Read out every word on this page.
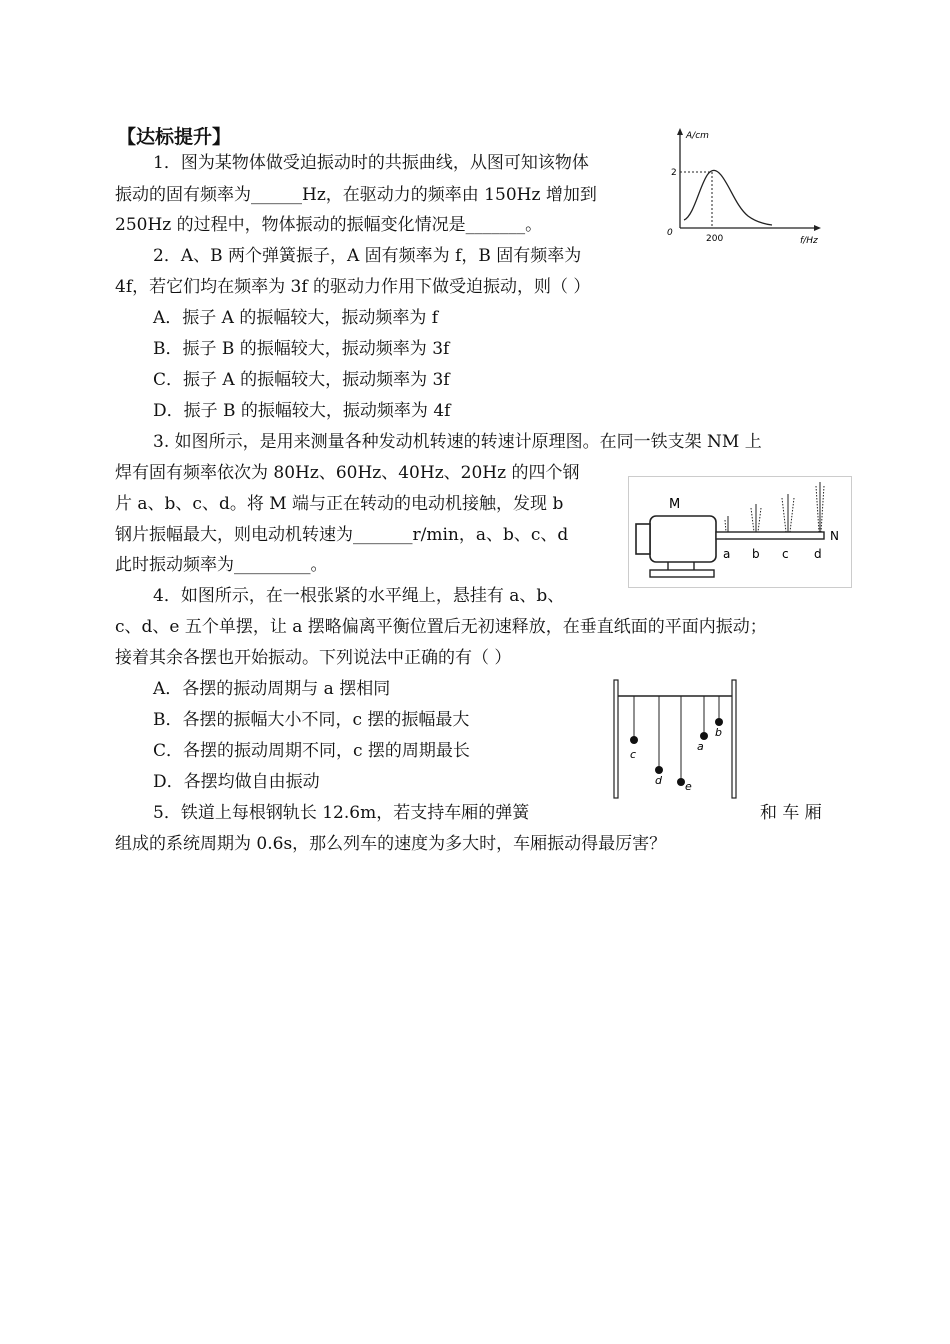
【达标提升】
1．图为某物体做受迫振动时的共振曲线，从图可知该物体
振动的固有频率为______Hz，在驱动力的频率由 150Hz 增加到
250Hz 的过程中，物体振动的振幅变化情况是_______。
2．A、B 两个弹簧振子，A 固有频率为 f，B 固有频率为
4f，若它们均在频率为 3f 的驱动力作用下做受迫振动，则（ ）
A．振子 A 的振幅较大，振动频率为 f
B．振子 B 的振幅较大，振动频率为 3f
C．振子 A 的振幅较大，振动频率为 3f
D．振子 B 的振幅较大，振动频率为 4f
3. 如图所示，是用来测量各种发动机转速的转速计原理图。在同一铁支架 NM 上
焊有固有频率依次为 80Hz、60Hz、40Hz、20Hz 的四个钢
片 a、b、c、d。将 M 端与正在转动的电动机接触，发现 b
钢片振幅最大，则电动机转速为_______r/min，a、b、c、d
此时振动频率为_________。
4．如图所示，在一根张紧的水平绳上，悬挂有 a、b、
c、d、e 五个单摆，让 a 摆略偏离平衡位置后无初速释放，在垂直纸面的平面内振动；
接着其余各摆也开始振动。下列说法中正确的有（ ）
A．各摆的振动周期与 a 摆相同
B．各摆的振幅大小不同，c 摆的振幅最大
C．各摆的振动周期不同，c 摆的周期最长
D．各摆均做自由振动
5．铁道上每根钢轨长 12.6m，若支持车厢的弹簧	和 车 厢
组成的系统周期为 0.6s，那么列车的速度为多大时，车厢振动得最厉害？
A/cm
0
2
200	f/Hz
M
N
a b c d
c
d e
a
b
